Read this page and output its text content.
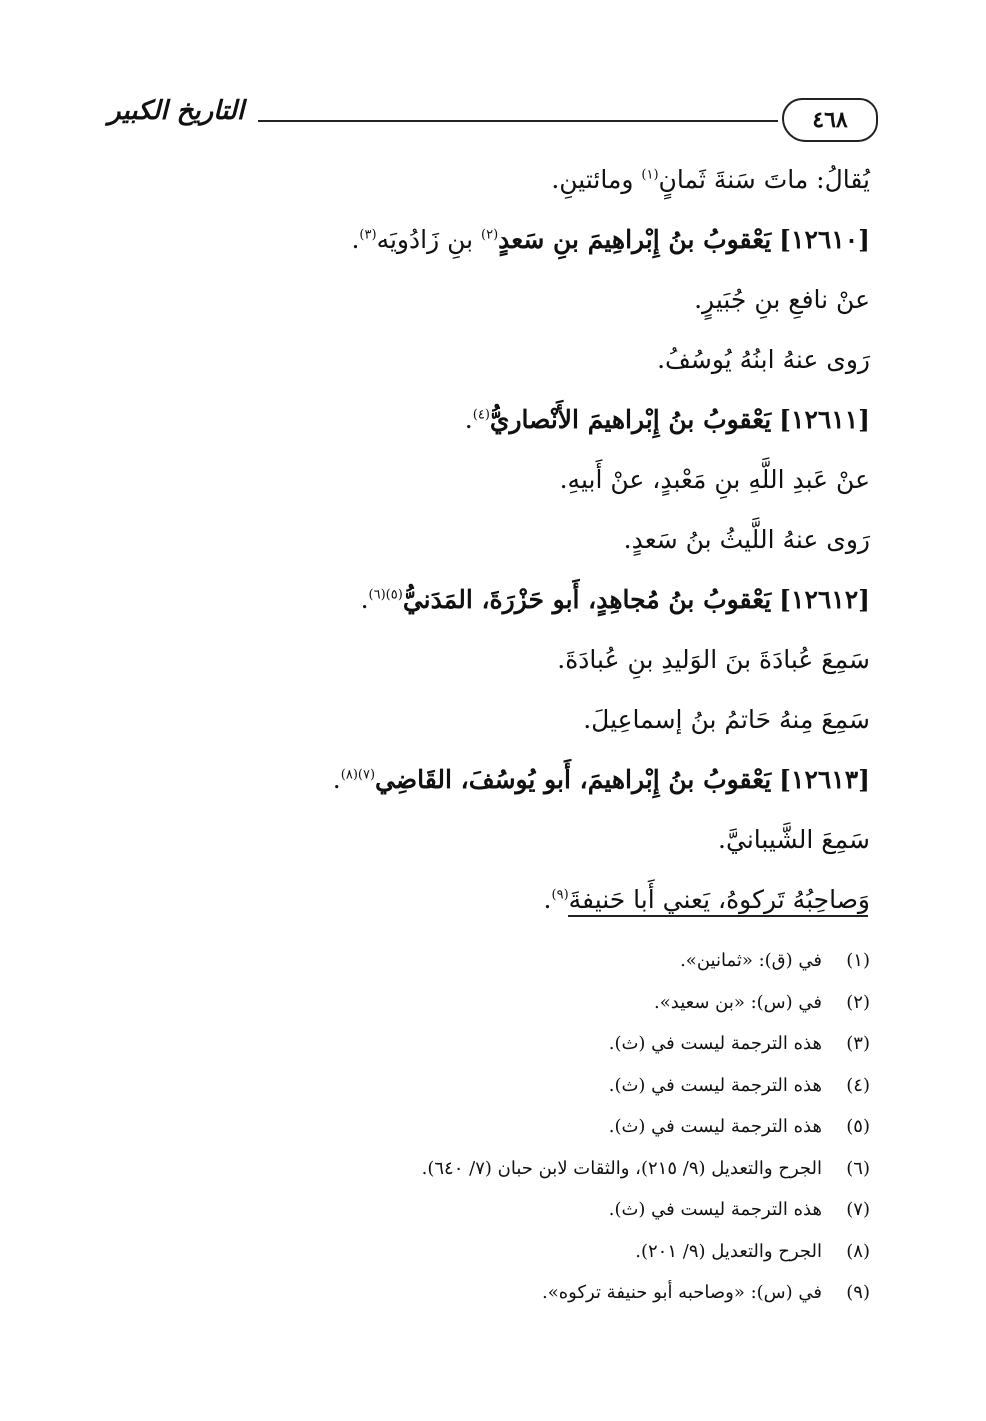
التاريخ الكبير	٤٦٨
يُقالُ: ماتَ سَنةَ ثَمانٍ$^{(١)}$ ومائتينِ.
[١٢٦١٠] يَعْقوبُ بنُ إِبْراهِيمَ بنِ سَعدٍ$^{(٢)}$ بنِ زَادُويَه$^{(٣)}$.
عنْ نافعِ بنِ جُبَيرٍ.
رَوى عنهُ ابنُهُ يُوسُفُ.
[١٢٦١١] يَعْقوبُ بنُ إِبْراهيمَ الأَنْصاريُّ$^{(٤)}$.
عنْ عَبدِ اللَّهِ بنِ مَعْبدٍ، عنْ أَبيهِ.
رَوى عنهُ اللَّيثُ بنُ سَعدٍ.
[١٢٦١٢] يَعْقوبُ بنُ مُجاهِدٍ، أَبو حَزْرَةَ، المَدَنيُّ$^{(٥)(٦)}$.
سَمِعَ عُبادَةَ بنَ الوَليدِ بنِ عُبادَةَ.
سَمِعَ مِنهُ حَاتمُ بنُ إسماعِيلَ.
[١٢٦١٣] يَعْقوبُ بنُ إِبْراهيمَ، أَبو يُوسُفَ، القَاضِي$^{(٧)(٨)}$.
سَمِعَ الشَّيبانيَّ.
وَصاحِبُهُ تَركوهُ، يَعني أَبا حَنيفةَ$^{(٩)}$.
(١)
في (ق): «ثمانين».
(٢)
في (س): «بن سعيد».
(٣)
هذه الترجمة ليست في (ث).
(٤)
هذه الترجمة ليست في (ث).
(٥)
هذه الترجمة ليست في (ث).
(٦)
الجرح والتعديل (٩/ ٢١٥)، والثقات لابن حبان (٧/ ٦٤٠).
(٧)
هذه الترجمة ليست في (ث).
(٨)
الجرح والتعديل (٩/ ٢٠١).
(٩)
في (س): «وصاحبه أبو حنيفة تركوه».
